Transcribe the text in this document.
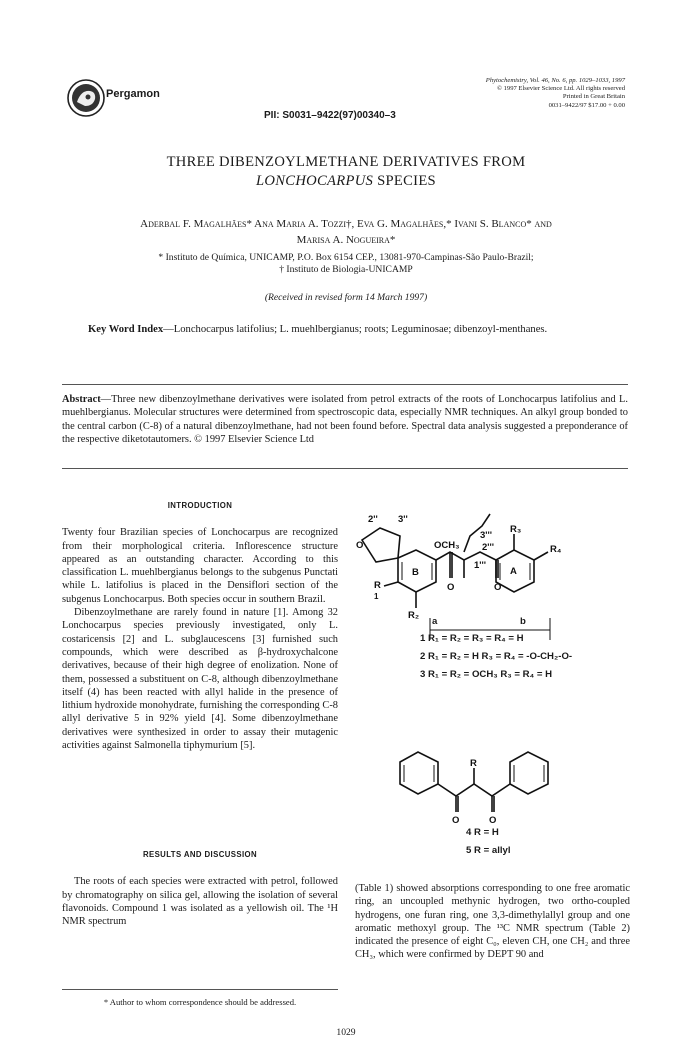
Pergamon
Phytochemistry, Vol. 46, No. 6, pp. 1029–1033, 1997
© 1997 Elsevier Science Ltd. All rights reserved
Printed in Great Britain
0031–9422/97 $17.00 + 0.00
PII: S0031–9422(97)00340–3
THREE DIBENZOYLMETHANE DERIVATIVES FROM
LONCHOCARPUS SPECIES
Aderbal F. Magalhães* Ana Maria A. Tozzi†, Eva G. Magalhães,* Ivani S. Blanco* and
Marisa A. Nogueira*
* Instituto de Química, UNICAMP, P.O. Box 6154 CEP., 13081-970-Campinas-São Paulo-Brazil;
† Instituto de Biologia-UNICAMP
(Received in revised form 14 March 1997)
Key Word Index—Lonchocarpus latifolius; L. muehlbergianus; roots; Leguminosae; dibenzoyl-menthanes.
Abstract—Three new dibenzoylmethane derivatives were isolated from petrol extracts of the roots of Lonchocarpus latifolius and L. muehlbergianus. Molecular structures were determined from spectroscopic data, especially NMR techniques. An alkyl group bonded to the central carbon (C-8) of a natural dibenzoylmethane, had not been found before. Spectral data analysis suggested a preponderance of the respective diketotautomers. © 1997 Elsevier Science Ltd
INTRODUCTION

Twenty four Brazilian species of Lonchocarpus are recognized from their morphological criteria. Inflorescence structure appeared as an outstanding character. According to this classification L. muehlbergianus belongs to the subgenus Punctati while L. latifolius is placed in the Densiflori section of the subgenus Lonchocarpus. Both species occur in southern Brazil.

Dibenzoylmethane are rarely found in nature [1]. Among 32 Lonchocarpus species previously investigated, only L. costaricensis [2] and L. subglaucescens [3] furnished such compounds, which were described as β-hydroxychalcone derivatives, because of their high degree of enolization. None of them, possessed a substituent on C-8, although dibenzoylmethane itself (4) has been reacted with allyl halide in the presence of lithium hydroxide monohydrate, furnishing the corresponding C-8 allyl derivative 5 in 92% yield [4]. Some dibenzoylmethane derivatives were synthesized in order to assay their mutagenic activities against Salmonella tiphymurium [5].

RESULTS AND DISCUSSION

The roots of each species were extracted with petrol, followed by chromatography on silica gel, allowing the isolation of several flavonoids. Compound 1 was isolated as a yellowish oil. The ¹H NMR spectrum

* Author to whom correspondence should be addressed.
2'' 3''
O	OCH₃
3'''
2'''
1'''
B	A
R
1
R₂
O	O
R₃
R₄
R
O	O
a	b
1 R₁ = R₂ = R₃ = R₄ = H
2 R₁ = R₂ = H R₃ = R₄ = -O-CH₂-O-
3 R₁ = R₂ = OCH₃ R₃ = R₄ = H
4 R = H
5 R = allyl
(Table 1) showed absorptions corresponding to one free aromatic ring, an uncoupled methynic hydrogen, two ortho-coupled hydrogens, one furan ring, one 3,3-dimethylallyl group and one aromatic methoxyl group. The ¹³C NMR spectrum (Table 2) indicated the presence of eight C₀, eleven CH, one CH₂ and three CH₃, which were confirmed by DEPT 90 and
1029
